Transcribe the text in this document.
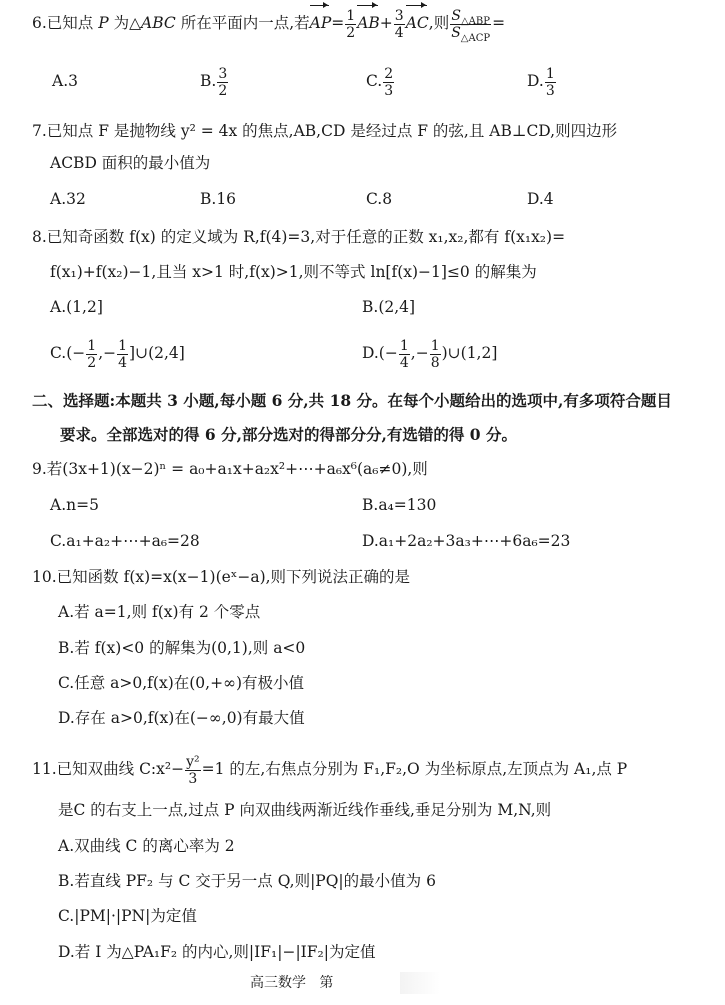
6.已知点 P 为△ABC 所在平面内一点,若$AP= \frac{1}{2} AB+ \frac{3}{4}$ AC,则 $\frac{S_{\triangle ABP}}{S_{\triangle ACP}}$ =
A.3	B. $\frac{3}{2}$	C. $\frac{2}{3}$	D. $\frac{1}{3}$
7.已知点 F 是抛物线 y² = 4x 的焦点,AB,CD 是经过点 F 的弦,且 AB⊥CD,则四边形
ACBD 面积的最小值为
A.32	B.16	C.8	D.4
8.已知奇函数 f(x) 的定义域为 R,f(4)=3,对于任意的正数 x₁,x₂,都有 f(x₁x₂)=
f(x₁)+f(x₂)−1,且当 x>1 时,f(x)>1,则不等式 ln[f(x)−1]≤0 的解集为
A.(1,2]	B.(2,4]
$C.(- \frac{1}{2}$ ,− $\frac{1}{4}$ ]∪(2,4]	$D.(- \frac{1}{4}$ ,− $\frac{1}{8}$ )∪(1,2]
二、选择题:本题共 3 小题,每小题 6 分,共 18 分。在每个小题给出的选项中,有多项符合题目
要求。全部选对的得 6 分,部分选对的得部分分,有选错的得 0 分。
9.若(3x+1)(x−2)ⁿ = a₀+a₁x+a₂x²+⋯+a₆x⁶(a₆≠0),则
A.n=5	B.a₄=130
C.a₁+a₂+⋯+a₆=28	D.a₁+2a₂+3a₃+⋯+6a₆=23
10.已知函数 f(x)=x(x−1)(eˣ−a),则下列说法正确的是
A.若 a=1,则 f(x)有 2 个零点
B.若 f(x)<0 的解集为(0,1),则 a<0
C.任意 a>0,f(x)在(0,+∞)有极小值
D.存在 a>0,f(x)在(−∞,0)有最大值
11.已知双曲线 C:x²− $\frac{\text{y²}}{3} =1$ 的左,右焦点分别为 F₁,F₂,O 为坐标原点,左顶点为 A₁,点 P
是C 的右支上一点,过点 P 向双曲线两渐近线作垂线,垂足分别为 M,N,则
A.双曲线 C 的离心率为 2
B.若直线 PF₂ 与 C 交于另一点 Q,则|PQ|的最小值为 6
C.|PM|·|PN|为定值
D.若 I 为△PA₁F₂ 的内心,则|IF₁|−|IF₂|为定值
高三数学 第
